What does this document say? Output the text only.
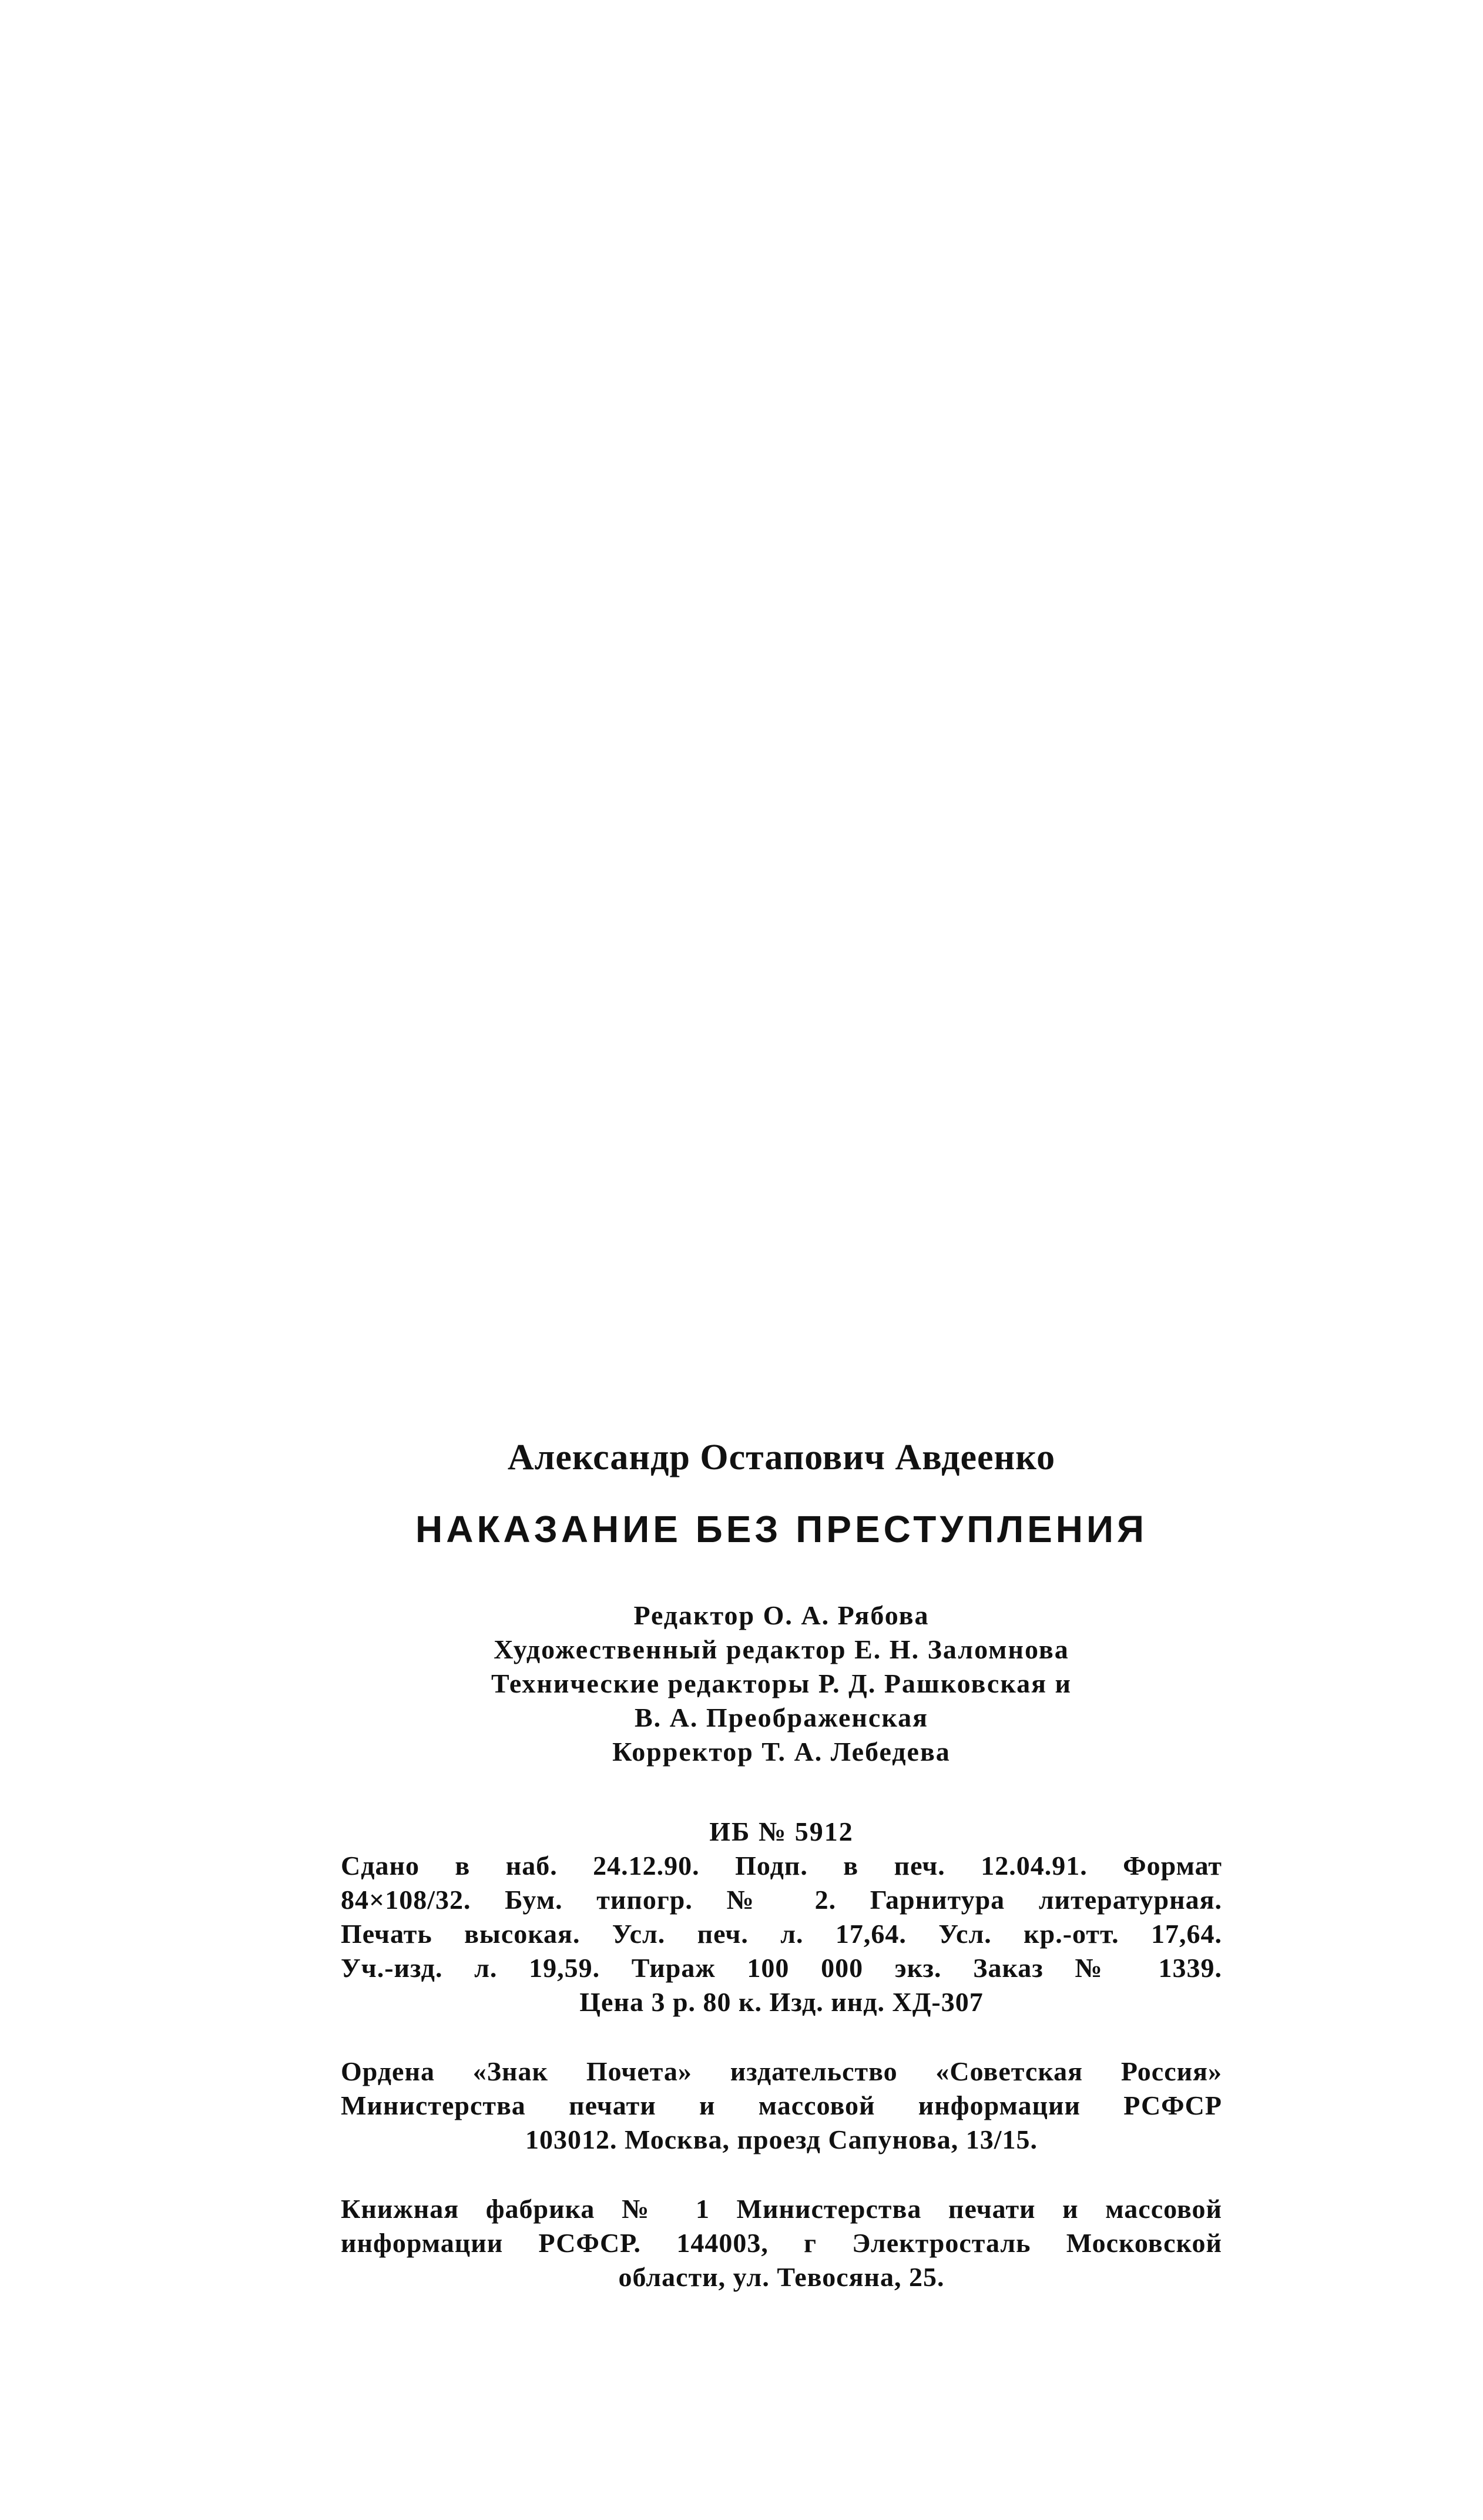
Александр Остапович Авдеенко

НАКАЗАНИЕ БЕЗ ПРЕСТУПЛЕНИЯ

Редактор О. А. Рябова
Художественный редактор Е. Н. Заломнова
Технические редакторы Р. Д. Рашковская и
В. А. Преображенская
Корректор Т. А. Лебедева
ИБ № 5912
Сдано в наб. 24.12.90. Подп. в печ. 12.04.91. Формат
84×108/32. Бум. типогр. № 2. Гарнитура литературная.
Печать высокая. Усл. печ. л. 17,64. Усл. кр.-отт. 17,64.
Уч.-изд. л. 19,59. Тираж 100 000 экз. Заказ № 1339.
Цена 3 р. 80 к. Изд. инд. ХД-307
Ордена «Знак Почета» издательство «Советская Россия»
Министерства печати и массовой информации РСФСР
103012. Москва, проезд Сапунова, 13/15.
Книжная фабрика № 1 Министерства печати и массовой
информации РСФСР. 144003, г Электросталь Московской
области, ул. Тевосяна, 25.
